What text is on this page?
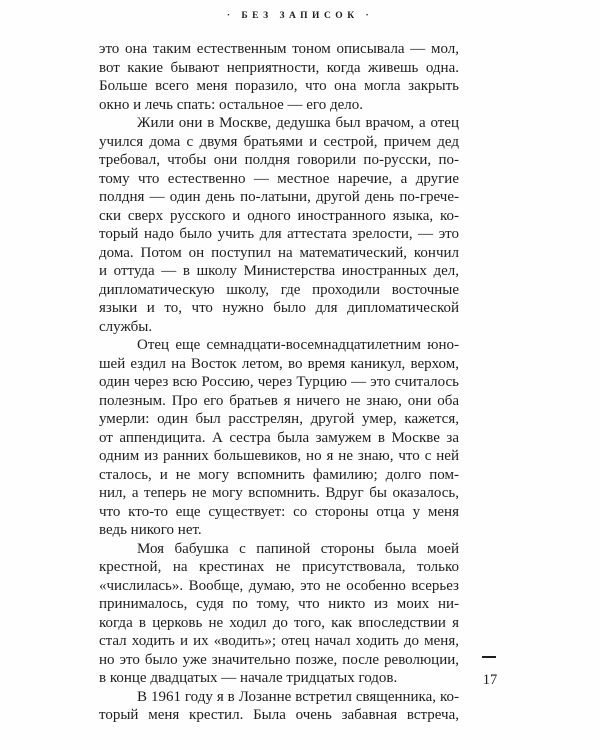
· БЕЗ ЗАПИСОК ·
это она таким естественным тоном описывала — мол,
вот какие бывают неприятности, когда живешь одна.
Больше всего меня поразило, что она могла закрыть
окно и лечь спать: остальное — его дело.
Жили они в Москве, дедушка был врачом, а отец
учился дома с двумя братьями и сестрой, причем дед
требовал, чтобы они полдня говорили по-русски, по-
тому что естественно — местное наречие, а другие
полдня — один день по-латыни, другой день по-грече-
ски сверх русского и одного иностранного языка, ко-
торый надо было учить для аттестата зрелости, — это
дома. Потом он поступил на математический, кончил
и оттуда — в школу Министерства иностранных дел,
дипломатическую школу, где проходили восточные
языки и то, что нужно было для дипломатической
службы.
Отец еще семнадцати-восемнадцатилетним юно-
шей ездил на Восток летом, во время каникул, верхом,
один через всю Россию, через Турцию — это считалось
полезным. Про его братьев я ничего не знаю, они оба
умерли: один был расстрелян, другой умер, кажется,
от аппендицита. А сестра была замужем в Москве за
одним из ранних большевиков, но я не знаю, что с ней
сталось, и не могу вспомнить фамилию; долго пом-
нил, а теперь не могу вспомнить. Вдруг бы оказалось,
что кто-то еще существует: со стороны отца у меня
ведь никого нет.
Моя бабушка с папиной стороны была моей
крестной, на крестинах не присутствовала, только
«числилась». Вообще, думаю, это не особенно всерьез
принималось, судя по тому, что никто из моих ни-
когда в церковь не ходил до того, как впоследствии я
стал ходить и их «водить»; отец начал ходить до меня,
но это было уже значительно позже, после революции,
в конце двадцатых — начале тридцатых годов.
В 1961 году я в Лозанне встретил священника, ко-
торый меня крестил. Была очень забавная встреча,
17
